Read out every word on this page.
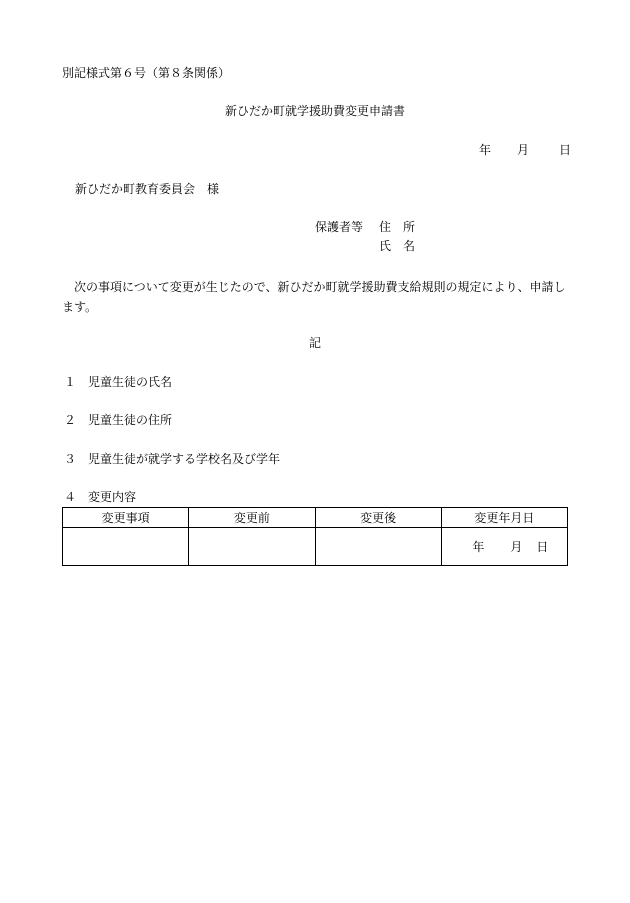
別記様式第６号（第８条関係）
新ひだか町就学援助費変更申請書
年 月 日
新ひだか町教育委員会　様
保護者等 住　所
氏　名
次の事項について変更が生じたので、新ひだか町就学援助費支給規則の規定により、申請します。
記
１ 児童生徒の氏名
２ 児童生徒の住所
３ 児童生徒が就学する学校名及び学年
４ 変更内容
変更事項	変更前	変更後	変更年月日
			年 月 日
